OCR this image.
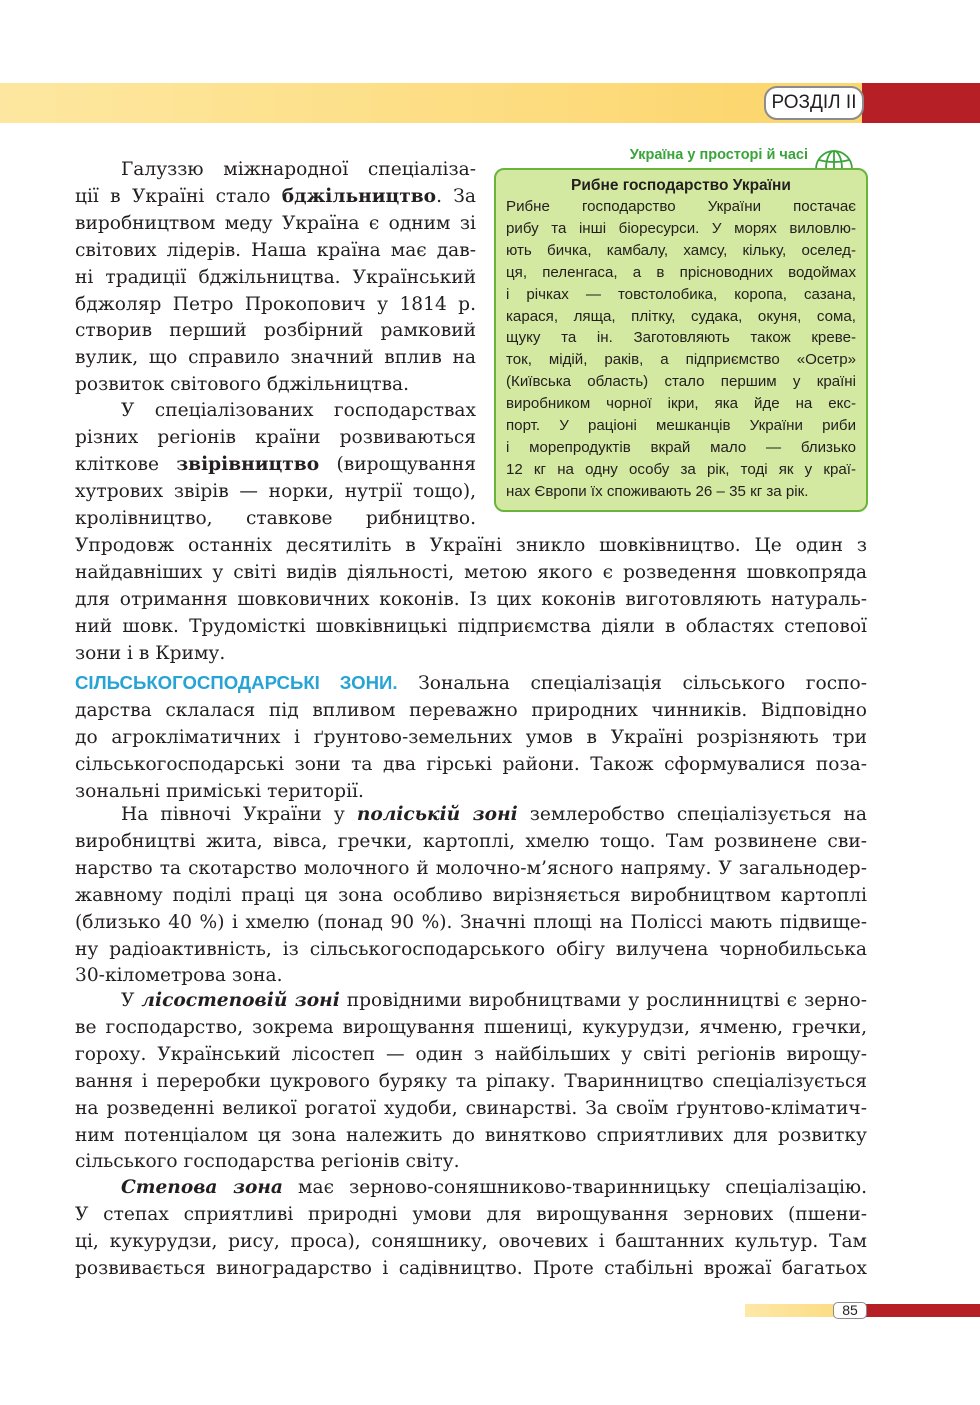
РОЗДІЛ ІІ
Україна у просторі й часі
Рибне господарство України
Рибне господарство України постачає
рибу та інші біоресурси. У морях виловлю-
ють бичка, камбалу, хамсу, кільку, оселед-
ця, пеленгаса, а в прісноводних водоймах
і річках — товстолобика, коропа, сазана,
карася, ляща, плітку, судака, окуня, сома,
щуку та ін. Заготовляють також креве-
ток, мідій, раків, а підприємство «Осетр»
(Київська область) стало першим у країні
виробником чорної ікри, яка йде на екс-
порт. У раціоні мешканців України риби
і морепродуктів вкрай мало — близько
12 кг на одну особу за рік, тоді як у краї-
нах Європи їх споживають 26 – 35 кг за рік.

Галуззю міжнародної спеціаліза-
ції в Україні стало бджільництво. За
виробництвом меду Україна є одним зі
світових лідерів. Наша країна має дав-
ні традиції бджільництва. Український
бджоляр Петро Прокопович у 1814 р.
створив перший розбірний рамковий
вулик, що справило значний вплив на
розвиток світового бджільництва.

У спеціалізованих господарствах
різних регіонів країни розвиваються
кліткове звірівництво (вирощування
хутрових звірів — норки, нутрії тощо),
кролівництво, ставкове рибництво.

Упродовж останніх десятиліть в Україні зникло шовківництво. Це один з
найдавніших у світі видів діяльності, метою якого є розведення шовкопряда
для отримання шовковичних коконів. Із цих коконів виготовляють натураль-
ний шовк. Трудомісткі шовківницькі підприємства діяли в областях степової
зони і в Криму.

СІЛЬСЬКОГОСПОДАРСЬКІ ЗОНИ. Зональна спеціалізація сільського госпо-
дарства склалася під впливом переважно природних чинників. Відповідно
до агрокліматичних і ґрунтово-земельних умов в Україні розрізняють три
сільськогосподарські зони та два гірські райони. Також сформувалися поза-
зональні приміські території.

На півночі України у поліській зоні землеробство спеціалізується на
виробництві жита, вівса, гречки, картоплі, хмелю тощо. Там розвинене сви-
нарство та скотарство молочного й молочно-м’ясного напряму. У загальнодер-
жавному поділі праці ця зона особливо вирізняється виробництвом картоплі
(близько 40 %) і хмелю (понад 90 %). Значні площі на Поліссі мають підвище-
ну радіоактивність, із сільськогосподарського обігу вилучена чорнобильська
30-кілометрова зона.

У лісостеповій зоні провідними виробництвами у рослинництві є зерно-
ве господарство, зокрема вирощування пшениці, кукурудзи, ячменю, гречки,
гороху. Український лісостеп — один з найбільших у світі регіонів вирощу-
вання і переробки цукрового буряку та ріпаку. Тваринництво спеціалізується
на розведенні великої рогатої худоби, свинарстві. За своїм ґрунтово-кліматич-
ним потенціалом ця зона належить до винятково сприятливих для розвитку
сільського господарства регіонів світу.

Степова зона має зерново-соняшниково-тваринницьку спеціалізацію.
У степах сприятливі природні умови для вирощування зернових (пшени-
ці, кукурудзи, рису, проса), соняшнику, овочевих і баштанних культур. Там
розвивається виноградарство і садівництво. Проте стабільні врожаї багатьох

85
